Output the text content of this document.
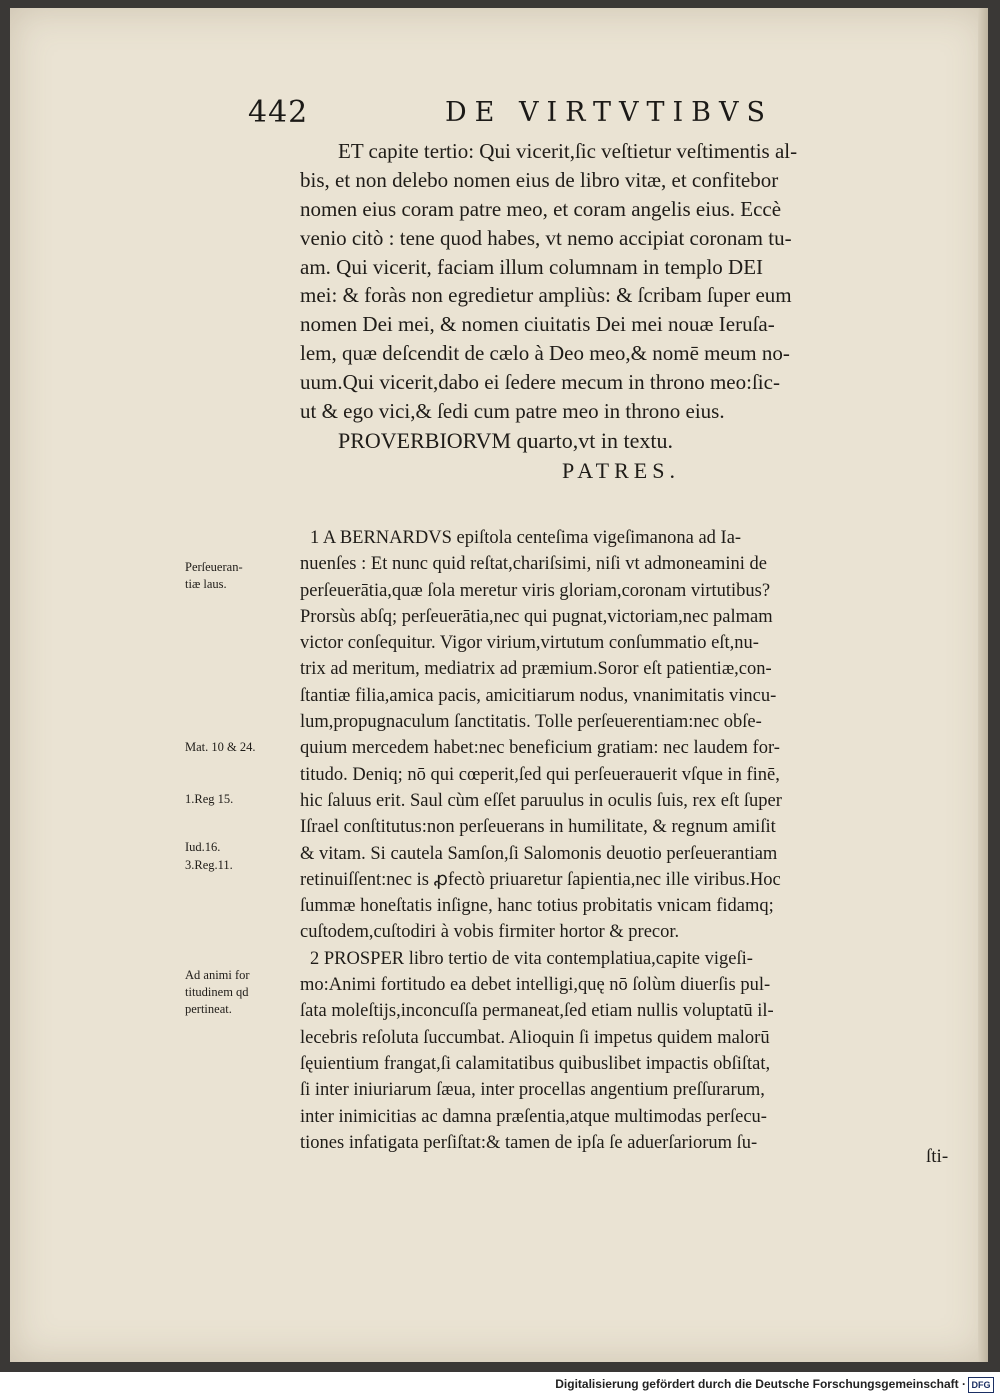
442	DE VIRTVTIBVS
ET capite tertio: Qui vicerit,ſic veſtietur veſtimentis al-
bis, et non delebo nomen eius de libro vitæ, et confitebor
nomen eius coram patre meo, et coram angelis eius. Eccè
venio citò : tene quod habes, vt nemo accipiat coronam tu-
am. Qui vicerit, faciam illum columnam in templo DEI
mei: & foràs non egredietur ampliùs: & ſcribam ſuper eum
nomen Dei mei, & nomen ciuitatis Dei mei nouæ Ieruſa-
lem, quæ deſcendit de cælo à Deo meo,& nomē meum no-
uum.Qui vicerit,dabo ei ſedere mecum in throno meo:ſic-
ut & ego vici,& ſedi cum patre meo in throno eius.
PROVERBIORVM quarto,vt in textu.
PATRES.
1 A BERNARDVS epiſtola centeſima vigeſimanona ad Ia-
nuenſes : Et nunc quid reſtat,chariſsimi, niſi vt admoneamini de
perſeuerātia,quæ ſola meretur viris gloriam,coronam virtutibus?
Prorsùs abſq; perſeuerātia,nec qui pugnat,victoriam,nec palmam
victor conſequitur. Vigor virium,virtutum conſummatio eſt,nu-
trix ad meritum, mediatrix ad præmium.Soror eſt patientiæ,con-
ſtantiæ filia,amica pacis, amicitiarum nodus, vnanimitatis vincu-
lum,propugnaculum ſanctitatis. Tolle perſeuerentiam:nec obſe-
quium mercedem habet:nec beneficium gratiam: nec laudem for-
titudo. Deniq; nō qui cœperit,ſed qui perſeuerauerit vſque in finē,
hic ſaluus erit. Saul cùm eſſet paruulus in oculis ſuis, rex eſt ſuper
Iſrael conſtitutus:non perſeuerans in humilitate, & regnum amiſit
& vitam. Si cautela Samſon,ſi Salomonis deuotio perſeuerantiam
retinuiſſent:nec is ꝓfectò priuaretur ſapientia,nec ille viribus.Hoc
ſummæ honeſtatis inſigne, hanc totius probitatis vnicam fidamq;
cuſtodem,cuſtodiri à vobis firmiter hortor & precor.
2 PROSPER libro tertio de vita contemplatiua,capite vigeſi-
mo:Animi fortitudo ea debet intelligi,quę nō ſolùm diuerſis pul-
ſata moleſtijs,inconcuſſa permaneat,ſed etiam nullis voluptatū il-
lecebris reſoluta ſuccumbat. Alioquin ſi impetus quidem malorū
ſęuientium frangat,ſi calamitatibus quibuslibet impactis obſiſtat,
ſi inter iniuriarum ſæua, inter procellas angentium preſſurarum,
inter inimicitias ac damna præſentia,atque multimodas perſecu-
tiones infatigata perſiſtat:& tamen de ipſa ſe aduerſariorum ſu-
ſti-
Perſeueran-
tiæ laus.
Mat. 10 & 24.
1.Reg 15.
Iud.16.
3.Reg.11.
Ad animi for
titudinem qd
pertineat.
Digitalisierung gefördert durch die Deutsche Forschungsgemeinschaft · DFG
